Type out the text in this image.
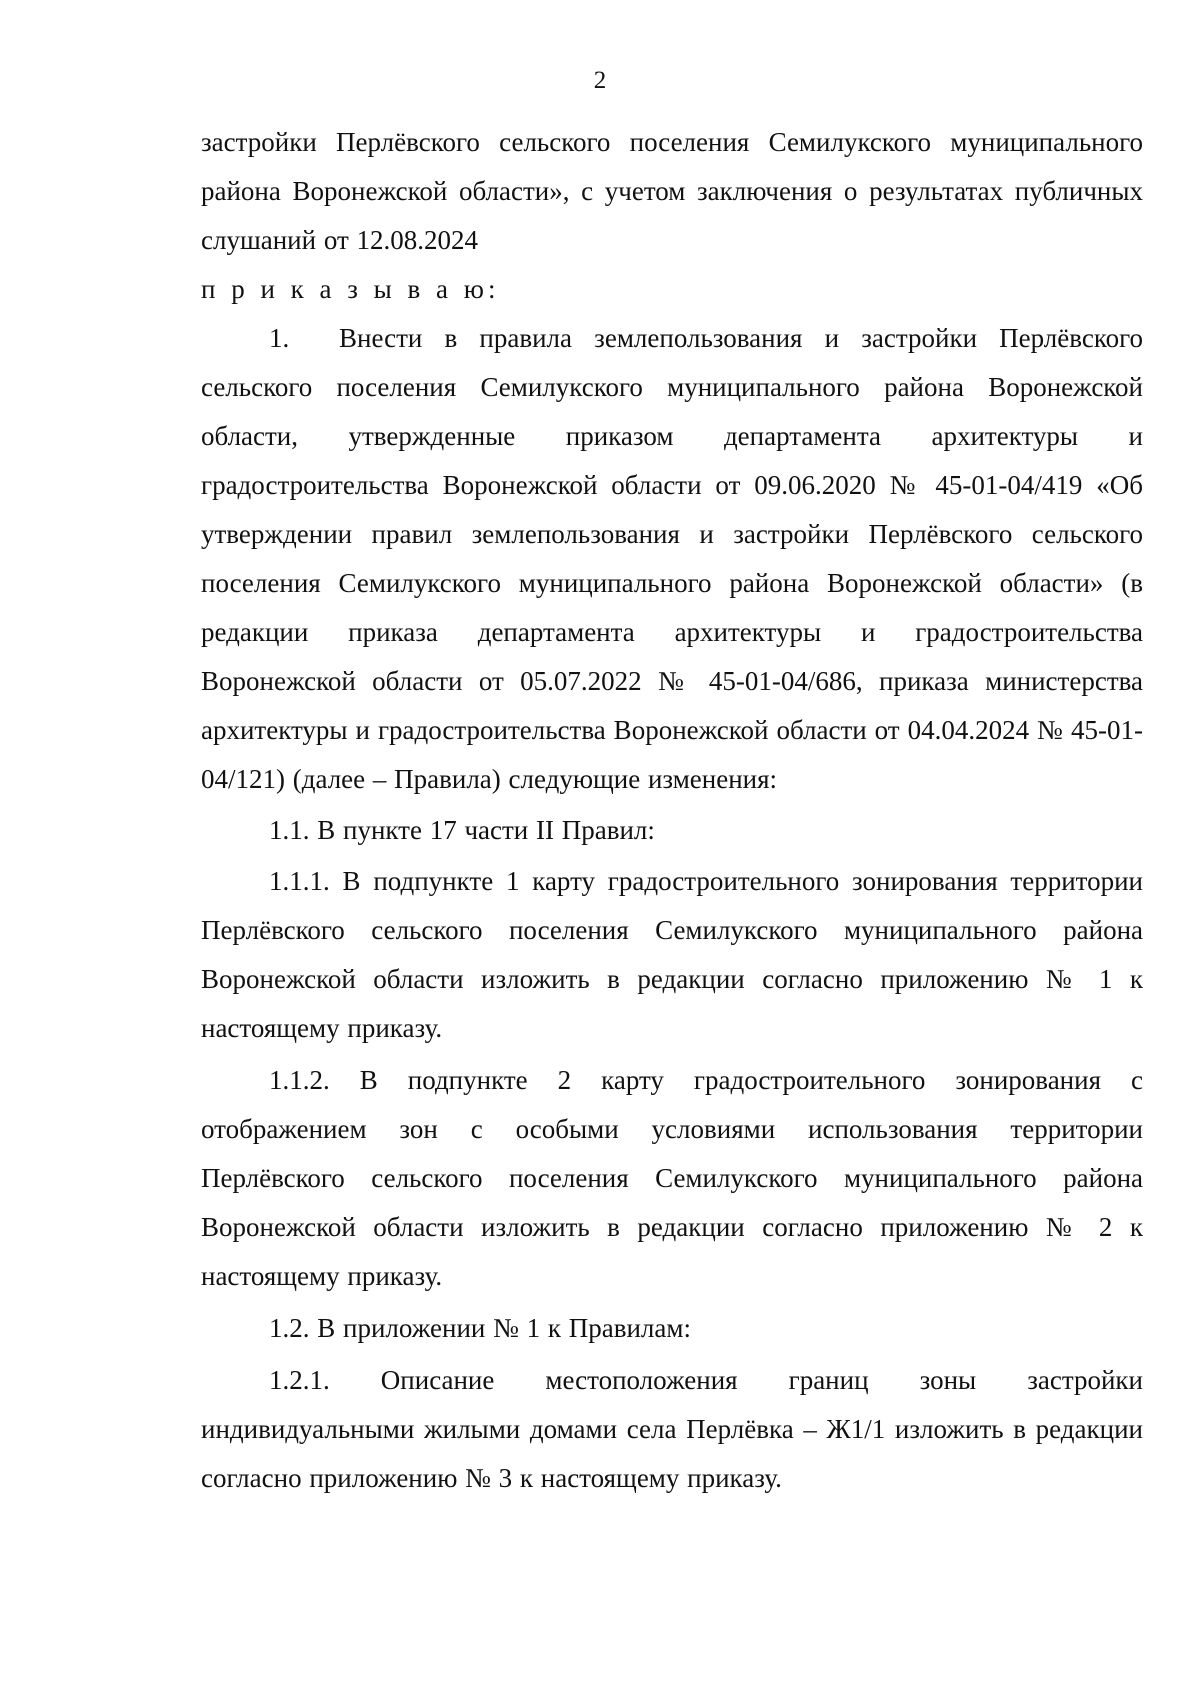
2

застройки Перлёвского сельского поселения Семилукского муниципального района Воронежской области», с учетом заключения о результатах публичных слушаний от 12.08.2024

п р и к а з ы в а ю:

1. Внести в правила землепользования и застройки Перлёвского сельского поселения Семилукского муниципального района Воронежской области, утвержденные приказом департамента архитектуры и градостроительства Воронежской области от 09.06.2020 № 45-01-04/419 «Об утверждении правил землепользования и застройки Перлёвского сельского поселения Семилукского муниципального района Воронежской области» (в редакции приказа департамента архитектуры и градостроительства Воронежской области от 05.07.2022 № 45-01-04/686, приказа министерства архитектуры и градостроительства Воронежской области от 04.04.2024 № 45-01-04/121) (далее – Правила) следующие изменения:

1.1. В пункте 17 части II Правил:

1.1.1. В подпункте 1 карту градостроительного зонирования территории Перлёвского сельского поселения Семилукского муниципального района Воронежской области изложить в редакции согласно приложению № 1 к настоящему приказу.

1.1.2. В подпункте 2 карту градостроительного зонирования с отображением зон с особыми условиями использования территории Перлёвского сельского поселения Семилукского муниципального района Воронежской области изложить в редакции согласно приложению № 2 к настоящему приказу.

1.2. В приложении № 1 к Правилам:

1.2.1. Описание местоположения границ зоны застройки индивидуальными жилыми домами села Перлёвка – Ж1/1 изложить в редакции согласно приложению № 3 к настоящему приказу.
